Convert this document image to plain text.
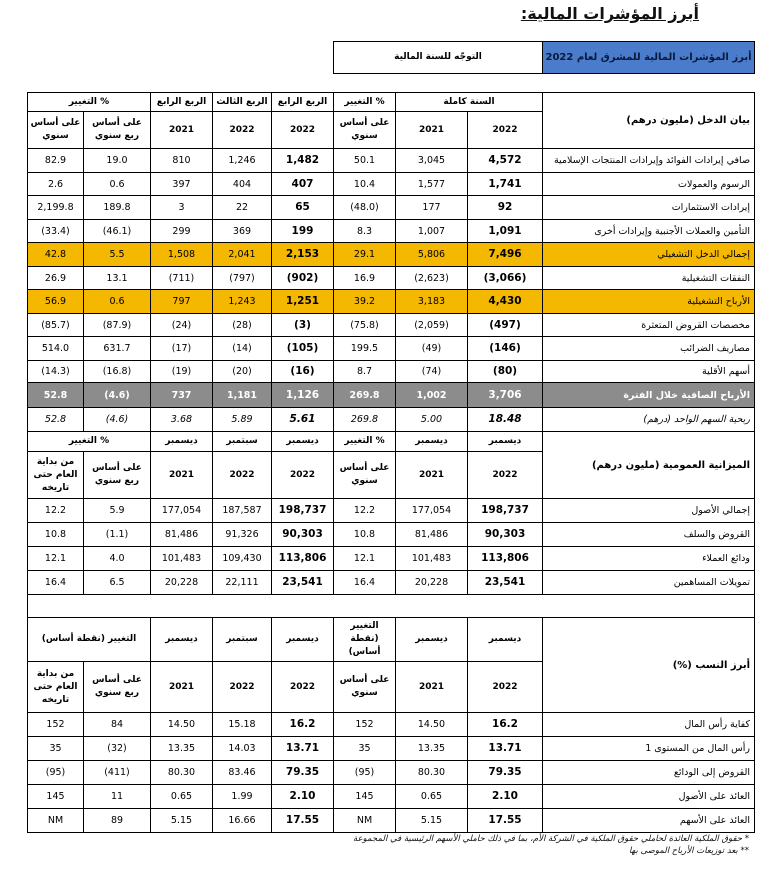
أبرز المؤشرات المالية:
					التوجّه للسنة المالية			أبرز المؤشرات المالية للمشرق لعام 2022

التغيير %		الربع الرابع	الربع الثالث	الربع الرابع	التغيير %	السنة كاملة		بيان الدخل (مليون درهم)
على أساس سنوي	على أساس ربع سنوي	2021	2022	2022	على أساس سنوي	2021	2022	
82.9	19.0	810	1,246	1,482	50.1	3,045	4,572	صافي إيرادات الفوائد وإيرادات المنتجات الإسلامية
2.6	0.6	397	404	407	10.4	1,577	1,741	الرسوم والعمولات
2,199.8	189.8	3	22	65	(48.0)	177	92	إيرادات الاستثمارات
(33.4)	(46.1)	299	369	199	8.3	1,007	1,091	التأمين والعملات الأجنبية وإيرادات أخرى
42.8	5.5	1,508	2,041	2,153	29.1	5,806	7,496	إجمالي الدخل التشغيلي
26.9	13.1	(711)	(797)	(902)	16.9	(2,623)	(3,066)	النفقات التشغيلية
56.9	0.6	797	1,243	1,251	39.2	3,183	4,430	الأرباح التشغيلية
(85.7)	(87.9)	(24)	(28)	(3)	(75.8)	(2,059)	(497)	مخصصات القروض المتعثرة
514.0	631.7	(17)	(14)	(105)	199.5	(49)	(146)	مصاريف الضرائب
(14.3)	(16.8)	(19)	(20)	(16)	8.7	(74)	(80)	أسهم الأقلية
52.8	(4.6)	737	1,181	1,126	269.8	1,002	3,706	الأرباح الصافية خلال الفترة
52.8	(4.6)	3.68	5.89	5.61	269.8	5.00	18.48	ربحية السهم الواحد (درهم)
التغيير %		ديسمبر	سبتمبر	ديسمبر	التغيير %	ديسمبر	ديسمبر	الميزانية العمومية (مليون درهم)
من بداية العام حتى تاريخه	على أساس ربع سنوي	2021	2022	2022	على أساس سنوي	2021	2022	
12.2	5.9	177,054	187,587	198,737	12.2	177,054	198,737	إجمالي الأصول
10.8	(1.1)	81,486	91,326	90,303	10.8	81,486	90,303	القروض والسلف
12.1	4.0	101,483	109,430	113,806	12.1	101,483	113,806	ودائع العملاء
16.4	6.5	20,228	22,111	23,541	16.4	20,228	23,541	تمويلات المساهمين

التغيير (نقطة أساس)		ديسمبر	سبتمبر	ديسمبر	التغيير (نقطة أساس)	ديسمبر	ديسمبر	أبرز النسب (%)
من بداية العام حتى تاريخه	على أساس ربع سنوي	2021	2022	2022	على أساس سنوي	2021	2022	
152	84	14.50	15.18	16.2	152	14.50	16.2	كفاية رأس المال
35	(32)	13.35	14.03	13.71	35	13.35	13.71	رأس المال من المستوى 1
(95)	(411)	80.30	83.46	79.35	(95)	80.30	79.35	القروض إلى الودائع
145	11	0.65	1.99	2.10	145	0.65	2.10	العائد على الأصول
NM	89	5.15	16.66	17.55	NM	5.15	17.55	العائد على الأسهم
* حقوق الملكية العائدة لحاملي حقوق الملكية في الشركة الأم، بما في ذلك حاملي الأسهم الرئيسية في المجموعة
** بعد توزيعات الأرباح الموصى بها
